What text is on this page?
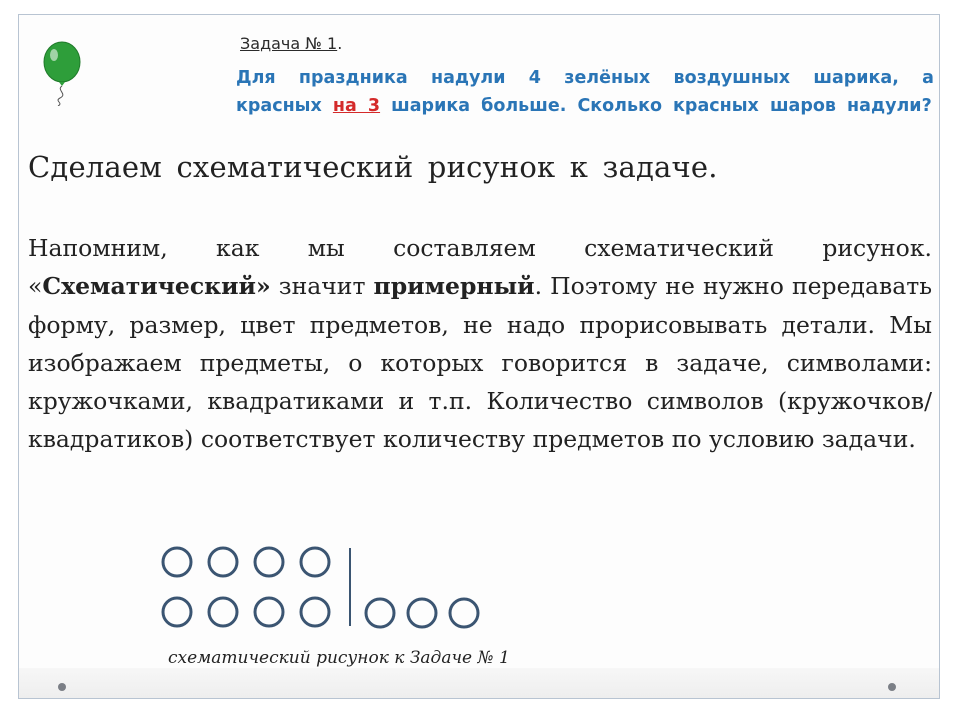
Задача № 1.
Для праздника надули 4 зелёных воздушных шарика, а красных на 3 шарика больше. Сколько красных шаров надули?
Сделаем схематический рисунок к задаче.
Напомним, как мы составляем схематический рисунок. «Схематический» значит примерный. Поэтому не нужно передавать форму, размер, цвет предметов, не надо прорисовывать детали. Мы изображаем предметы, о которых говорится в задаче, символами: кружочками, квадратиками и т.п. Количество символов (кружочков/ квадратиков) соответствует количеству предметов по условию задачи.
схематический рисунок к Задаче № 1
